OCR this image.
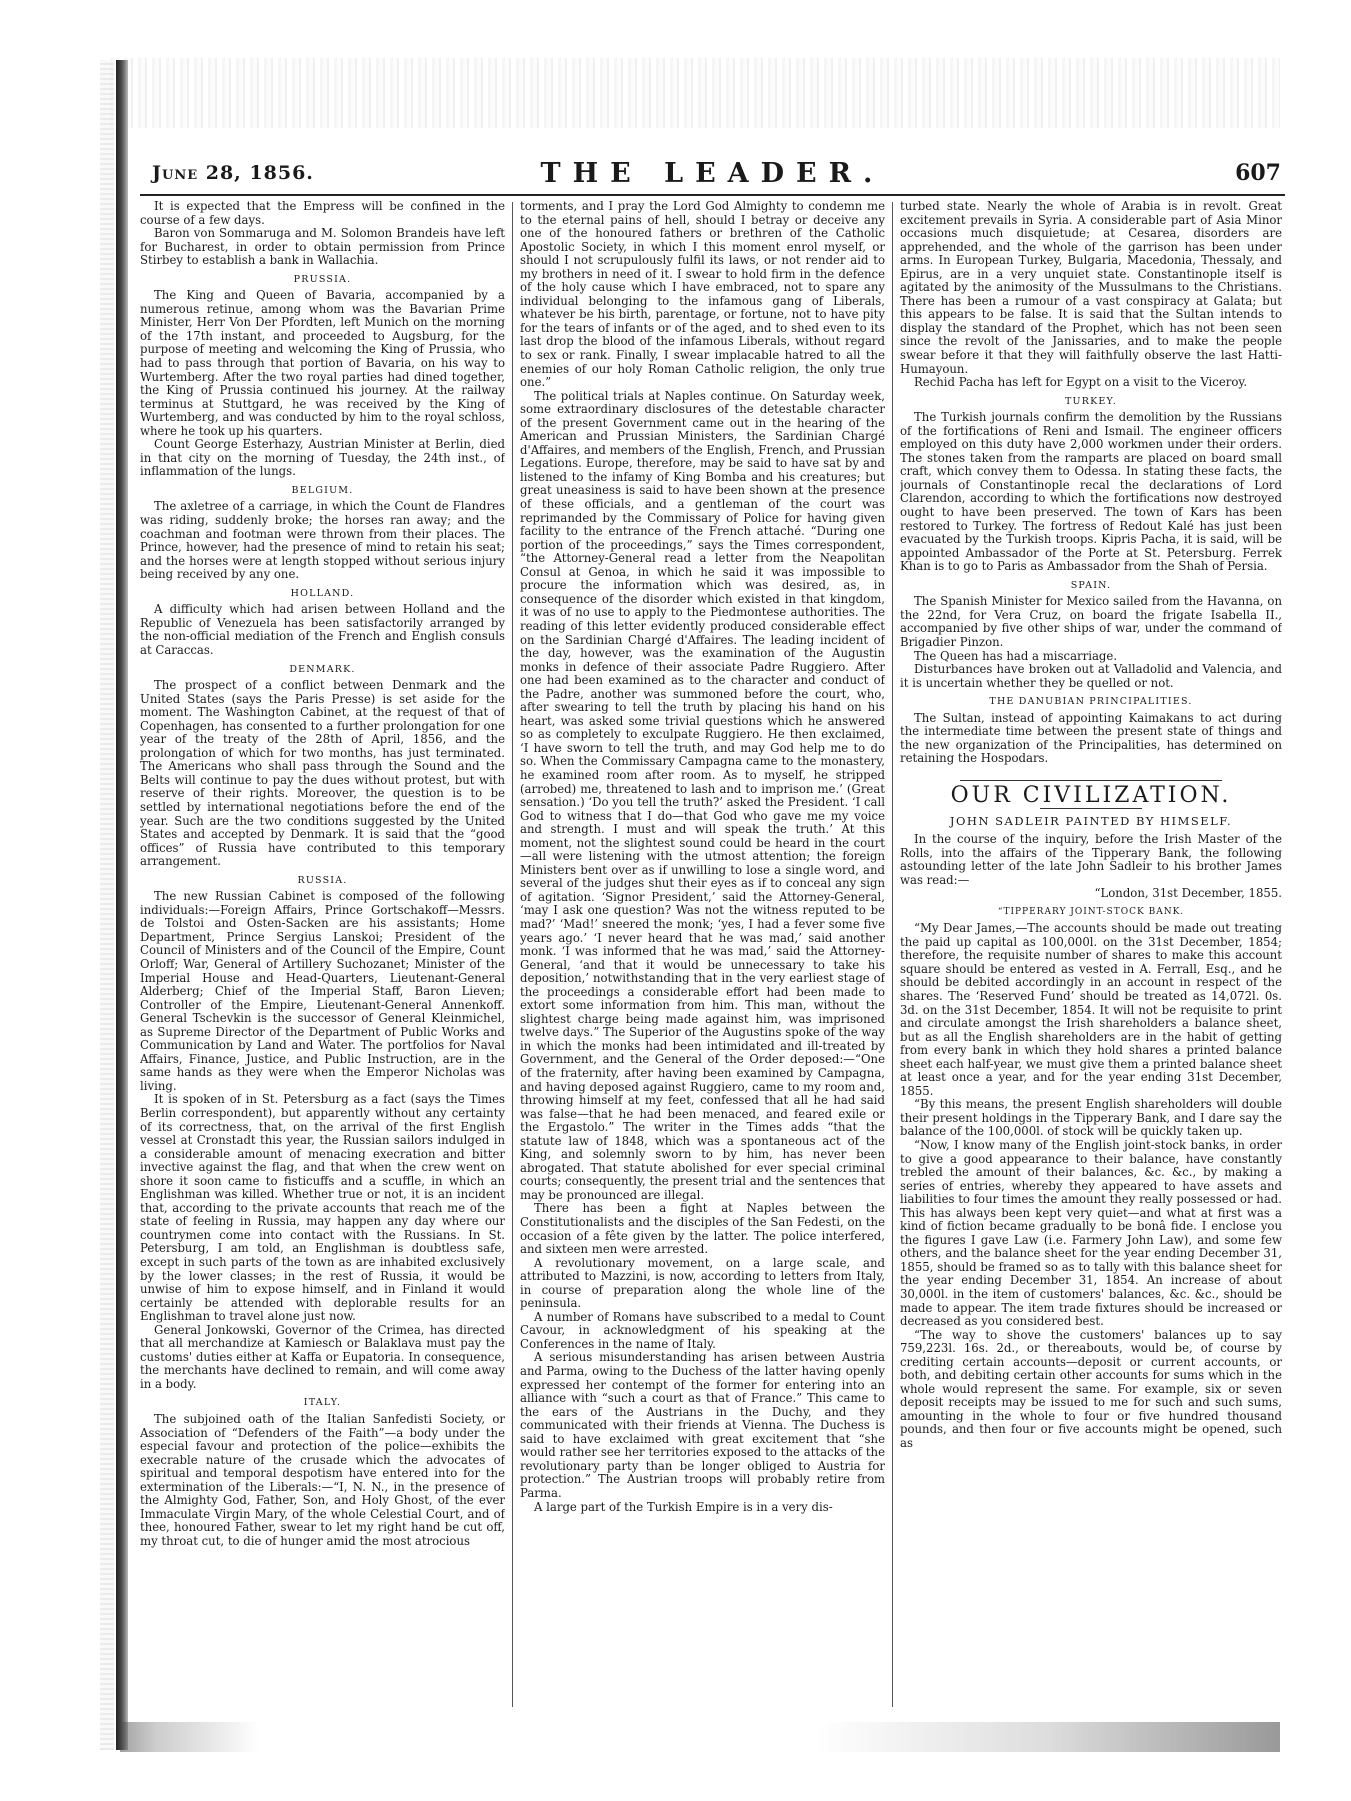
June 28, 1856.	THE LEADER.	607

It is expected that the Empress will be confined in the course of a few days.

Baron von Sommaruga and M. Solomon Brandeis have left for Bucharest, in order to obtain permission from Prince Stirbey to establish a bank in Wallachia.

PRUSSIA.

The King and Queen of Bavaria, accompanied by a numerous retinue, among whom was the Bavarian Prime Minister, Herr Von Der Pfordten, left Munich on the morning of the 17th instant, and proceeded to Augsburg, for the purpose of meeting and welcoming the King of Prussia, who had to pass through that portion of Bavaria, on his way to Wurtemberg. After the two royal parties had dined together, the King of Prussia continued his journey. At the railway terminus at Stuttgard, he was received by the King of Wurtemberg, and was conducted by him to the royal schloss, where he took up his quarters.

Count George Esterhazy, Austrian Minister at Berlin, died in that city on the morning of Tuesday, the 24th inst., of inflammation of the lungs.

BELGIUM.

The axletree of a carriage, in which the Count de Flandres was riding, suddenly broke; the horses ran away; and the coachman and footman were thrown from their places. The Prince, however, had the presence of mind to retain his seat; and the horses were at length stopped without serious injury being received by any one.

HOLLAND.

A difficulty which had arisen between Holland and the Republic of Venezuela has been satisfactorily arranged by the non-official mediation of the French and English consuls at Caraccas.

DENMARK.

The prospect of a conflict between Denmark and the United States (says the Paris Presse) is set aside for the moment. The Washington Cabinet, at the request of that of Copenhagen, has consented to a further prolongation for one year of the treaty of the 28th of April, 1856, and the prolongation of which for two months, has just terminated. The Americans who shall pass through the Sound and the Belts will continue to pay the dues without protest, but with reserve of their rights. Moreover, the question is to be settled by international negotiations before the end of the year. Such are the two conditions suggested by the United States and accepted by Denmark. It is said that the “good offices” of Russia have contributed to this temporary arrangement.

RUSSIA.

The new Russian Cabinet is composed of the following individuals:—Foreign Affairs, Prince Gortschakoff—Messrs. de Tolstoi and Osten-Sacken are his assistants; Home Department, Prince Sergius Lanskoi; President of the Council of Ministers and of the Council of the Empire, Count Orloff; War, General of Artillery Suchozanet; Minister of the Imperial House and Head-Quarters, Lieutenant-General Alderberg; Chief of the Imperial Staff, Baron Lieven; Controller of the Empire, Lieutenant-General Annenkoff. General Tschevkin is the successor of General Kleinmichel, as Supreme Director of the Department of Public Works and Communication by Land and Water. The portfolios for Naval Affairs, Finance, Justice, and Public Instruction, are in the same hands as they were when the Emperor Nicholas was living.

It is spoken of in St. Petersburg as a fact (says the Times Berlin correspondent), but apparently without any certainty of its correctness, that, on the arrival of the first English vessel at Cronstadt this year, the Russian sailors indulged in a considerable amount of menacing execration and bitter invective against the flag, and that when the crew went on shore it soon came to fisticuffs and a scuffle, in which an Englishman was killed. Whether true or not, it is an incident that, according to the private accounts that reach me of the state of feeling in Russia, may happen any day where our countrymen come into contact with the Russians. In St. Petersburg, I am told, an Englishman is doubtless safe, except in such parts of the town as are inhabited exclusively by the lower classes; in the rest of Russia, it would be unwise of him to expose himself, and in Finland it would certainly be attended with deplorable results for an Englishman to travel alone just now.

General Jonkowski, Governor of the Crimea, has directed that all merchandize at Kamiesch or Balaklava must pay the customs' duties either at Kaffa or Eupatoria. In consequence, the merchants have declined to remain, and will come away in a body.

ITALY.

The subjoined oath of the Italian Sanfedisti Society, or Association of “Defenders of the Faith”—a body under the especial favour and protection of the police—exhibits the execrable nature of the crusade which the advocates of spiritual and temporal despotism have entered into for the extermination of the Liberals:—“I, N. N., in the presence of the Almighty God, Father, Son, and Holy Ghost, of the ever Immaculate Virgin Mary, of the whole Celestial Court, and of thee, honoured Father, swear to let my right hand be cut off, my throat cut, to die of hunger amid the most atrocious

torments, and I pray the Lord God Almighty to condemn me to the eternal pains of hell, should I betray or deceive any one of the honoured fathers or brethren of the Catholic Apostolic Society, in which I this moment enrol myself, or should I not scrupulously fulfil its laws, or not render aid to my brothers in need of it. I swear to hold firm in the defence of the holy cause which I have embraced, not to spare any individual belonging to the infamous gang of Liberals, whatever be his birth, parentage, or fortune, not to have pity for the tears of infants or of the aged, and to shed even to its last drop the blood of the infamous Liberals, without regard to sex or rank. Finally, I swear implacable hatred to all the enemies of our holy Roman Catholic religion, the only true one.”

The political trials at Naples continue. On Saturday week, some extraordinary disclosures of the detestable character of the present Government came out in the hearing of the American and Prussian Ministers, the Sardinian Chargé d'Affaires, and members of the English, French, and Prussian Legations. Europe, therefore, may be said to have sat by and listened to the infamy of King Bomba and his creatures; but great uneasiness is said to have been shown at the presence of these officials, and a gentleman of the court was reprimanded by the Commissary of Police for having given facility to the entrance of the French attaché. “During one portion of the proceedings,” says the Times correspondent, “the Attorney-General read a letter from the Neapolitan Consul at Genoa, in which he said it was impossible to procure the information which was desired, as, in consequence of the disorder which existed in that kingdom, it was of no use to apply to the Piedmontese authorities. The reading of this letter evidently produced considerable effect on the Sardinian Chargé d'Affaires. The leading incident of the day, however, was the examination of the Augustin monks in defence of their associate Padre Ruggiero. After one had been examined as to the character and conduct of the Padre, another was summoned before the court, who, after swearing to tell the truth by placing his hand on his heart, was asked some trivial questions which he answered so as completely to exculpate Ruggiero. He then exclaimed, ‘I have sworn to tell the truth, and may God help me to do so. When the Commissary Campagna came to the monastery, he examined room after room. As to myself, he stripped (arrobed) me, threatened to lash and to imprison me.’ (Great sensation.) ‘Do you tell the truth?’ asked the President. ‘I call God to witness that I do—that God who gave me my voice and strength. I must and will speak the truth.’ At this moment, not the slightest sound could be heard in the court—all were listening with the utmost attention; the foreign Ministers bent over as if unwilling to lose a single word, and several of the judges shut their eyes as if to conceal any sign of agitation. ‘Signor President,’ said the Attorney-General, ‘may I ask one question? Was not the witness reputed to be mad?’ ‘Mad!’ sneered the monk; ‘yes, I had a fever some five years ago.’ ‘I never heard that he was mad,’ said another monk. ‘I was informed that he was mad,’ said the Attorney-General, ‘and that it would be unnecessary to take his deposition,’ notwithstanding that in the very earliest stage of the proceedings a considerable effort had been made to extort some information from him. This man, without the slightest charge being made against him, was imprisoned twelve days.” The Superior of the Augustins spoke of the way in which the monks had been intimidated and ill-treated by Government, and the General of the Order deposed:—“One of the fraternity, after having been examined by Campagna, and having deposed against Ruggiero, came to my room and, throwing himself at my feet, confessed that all he had said was false—that he had been menaced, and feared exile or the Ergastolo.” The writer in the Times adds “that the statute law of 1848, which was a spontaneous act of the King, and solemnly sworn to by him, has never been abrogated. That statute abolished for ever special criminal courts; consequently, the present trial and the sentences that may be pronounced are illegal.

There has been a fight at Naples between the Constitutionalists and the disciples of the San Fedesti, on the occasion of a fête given by the latter. The police interfered, and sixteen men were arrested.

A revolutionary movement, on a large scale, and attributed to Mazzini, is now, according to letters from Italy, in course of preparation along the whole line of the peninsula.

A number of Romans have subscribed to a medal to Count Cavour, in acknowledgment of his speaking at the Conferences in the name of Italy.

A serious misunderstanding has arisen between Austria and Parma, owing to the Duchess of the latter having openly expressed her contempt of the former for entering into an alliance with “such a court as that of France.” This came to the ears of the Austrians in the Duchy, and they communicated with their friends at Vienna. The Duchess is said to have exclaimed with great excitement that “she would rather see her territories exposed to the attacks of the revolutionary party than be longer obliged to Austria for protection.” The Austrian troops will probably retire from Parma.

A large part of the Turkish Empire is in a very dis-

turbed state. Nearly the whole of Arabia is in revolt. Great excitement prevails in Syria. A considerable part of Asia Minor occasions much disquietude; at Cesarea, disorders are apprehended, and the whole of the garrison has been under arms. In European Turkey, Bulgaria, Macedonia, Thessaly, and Epirus, are in a very unquiet state. Constantinople itself is agitated by the animosity of the Mussulmans to the Christians. There has been a rumour of a vast conspiracy at Galata; but this appears to be false. It is said that the Sultan intends to display the standard of the Prophet, which has not been seen since the revolt of the Janissaries, and to make the people swear before it that they will faithfully observe the last Hatti-Humayoun.

Rechid Pacha has left for Egypt on a visit to the Viceroy.

TURKEY.

The Turkish journals confirm the demolition by the Russians of the fortifications of Reni and Ismail. The engineer officers employed on this duty have 2,000 workmen under their orders. The stones taken from the ramparts are placed on board small craft, which convey them to Odessa. In stating these facts, the journals of Constantinople recal the declarations of Lord Clarendon, according to which the fortifications now destroyed ought to have been preserved. The town of Kars has been restored to Turkey. The fortress of Redout Kalé has just been evacuated by the Turkish troops. Kipris Pacha, it is said, will be appointed Ambassador of the Porte at St. Petersburg. Ferrek Khan is to go to Paris as Ambassador from the Shah of Persia.

SPAIN.

The Spanish Minister for Mexico sailed from the Havanna, on the 22nd, for Vera Cruz, on board the frigate Isabella II., accompanied by five other ships of war, under the command of Brigadier Pinzon.

The Queen has had a miscarriage.

Disturbances have broken out at Valladolid and Valencia, and it is uncertain whether they be quelled or not.

THE DANUBIAN PRINCIPALITIES.

The Sultan, instead of appointing Kaimakans to act during the intermediate time between the present state of things and the new organization of the Principalities, has determined on retaining the Hospodars.

OUR CIVILIZATION.
JOHN SADLEIR PAINTED BY HIMSELF.

In the course of the inquiry, before the Irish Master of the Rolls, into the affairs of the Tipperary Bank, the following astounding letter of the late John Sadleir to his brother James was read:—

“London, 31st December, 1855.

“TIPPERARY JOINT-STOCK BANK.

“My Dear James,—The accounts should be made out treating the paid up capital as 100,000l. on the 31st December, 1854; therefore, the requisite number of shares to make this account square should be entered as vested in A. Ferrall, Esq., and he should be debited accordingly in an account in respect of the shares. The ‘Reserved Fund’ should be treated as 14,072l. 0s. 3d. on the 31st December, 1854. It will not be requisite to print and circulate amongst the Irish shareholders a balance sheet, but as all the English shareholders are in the habit of getting from every bank in which they hold shares a printed balance sheet each half-year, we must give them a printed balance sheet at least once a year, and for the year ending 31st December, 1855.

“By this means, the present English shareholders will double their present holdings in the Tipperary Bank, and I dare say the balance of the 100,000l. of stock will be quickly taken up.

“Now, I know many of the English joint-stock banks, in order to give a good appearance to their balance, have constantly trebled the amount of their balances, &c. &c., by making a series of entries, whereby they appeared to have assets and liabilities to four times the amount they really possessed or had. This has always been kept very quiet—and what at first was a kind of fiction became gradually to be bonâ fide. I enclose you the figures I gave Law (i.e. Farmery John Law), and some few others, and the balance sheet for the year ending December 31, 1855, should be framed so as to tally with this balance sheet for the year ending December 31, 1854. An increase of about 30,000l. in the item of customers' balances, &c. &c., should be made to appear. The item trade fixtures should be increased or decreased as you considered best.

“The way to shove the customers' balances up to say 759,223l. 16s. 2d., or thereabouts, would be, of course by crediting certain accounts—deposit or current accounts, or both, and debiting certain other accounts for sums which in the whole would represent the same. For example, six or seven deposit receipts may be issued to me for such and such sums, amounting in the whole to four or five hundred thousand pounds, and then four or five accounts might be opened, such as
